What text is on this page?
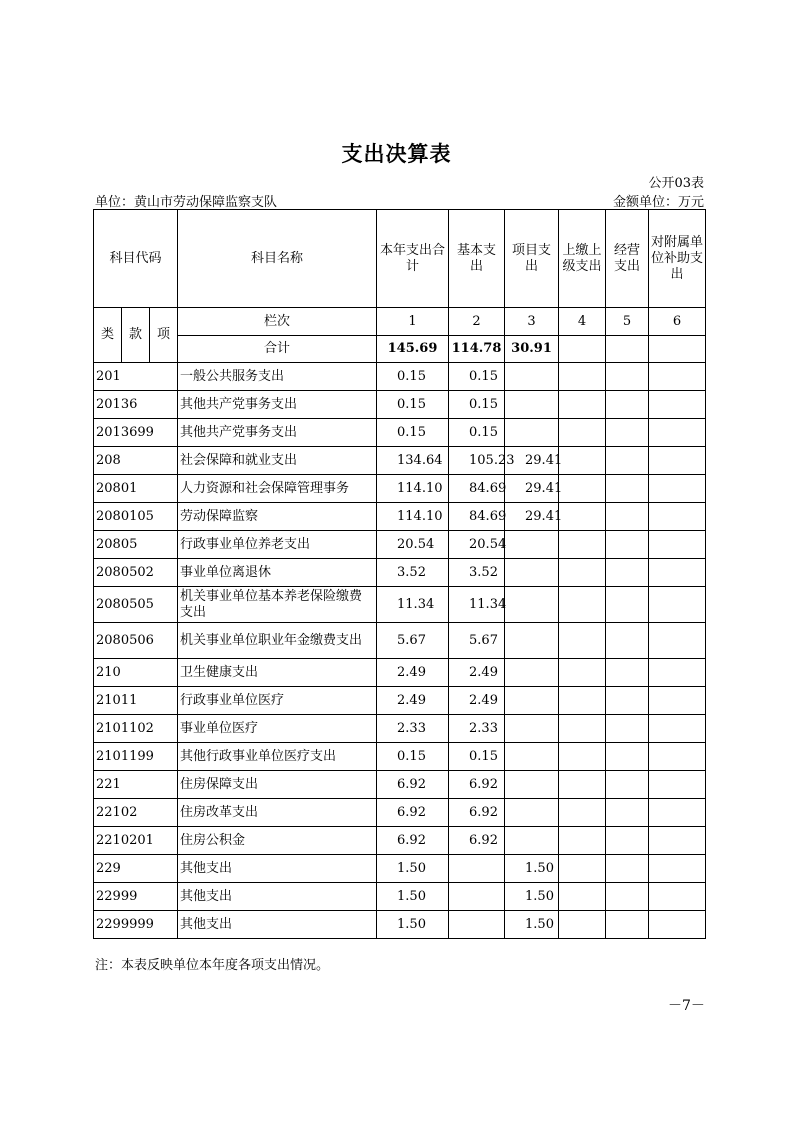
支出决算表
公开03表
单位：黄山市劳动保障监察支队	金额单位：万元
科目代码			科目名称	本年支出合计	基本支出	项目支出	上缴上级支出	经营支出	对附属单位补助支出
类	款	项	栏次	1	2	3	4	5	6
			合计	145.69	114.78	30.91			
201			一般公共服务支出	0.15	0.15				
20136			其他共产党事务支出	0.15	0.15				
2013699			其他共产党事务支出	0.15	0.15				
208			社会保障和就业支出	134.64	105.23	29.41			
20801			人力资源和社会保障管理事务	114.10	84.69	29.41			
2080105			劳动保障监察	114.10	84.69	29.41			
20805			行政事业单位养老支出	20.54	20.54				
2080502			事业单位离退休	3.52	3.52				
2080505			机关事业单位基本养老保险缴费支出	11.34	11.34				
2080506			机关事业单位职业年金缴费支出	5.67	5.67				
210			卫生健康支出	2.49	2.49				
21011			行政事业单位医疗	2.49	2.49				
2101102			事业单位医疗	2.33	2.33				
2101199			其他行政事业单位医疗支出	0.15	0.15				
221			住房保障支出	6.92	6.92				
22102			住房改革支出	6.92	6.92				
2210201			住房公积金	6.92	6.92				
229			其他支出	1.50		1.50			
22999			其他支出	1.50		1.50			
2299999			其他支出	1.50		1.50			
注：本表反映单位本年度各项支出情况。
－7－
